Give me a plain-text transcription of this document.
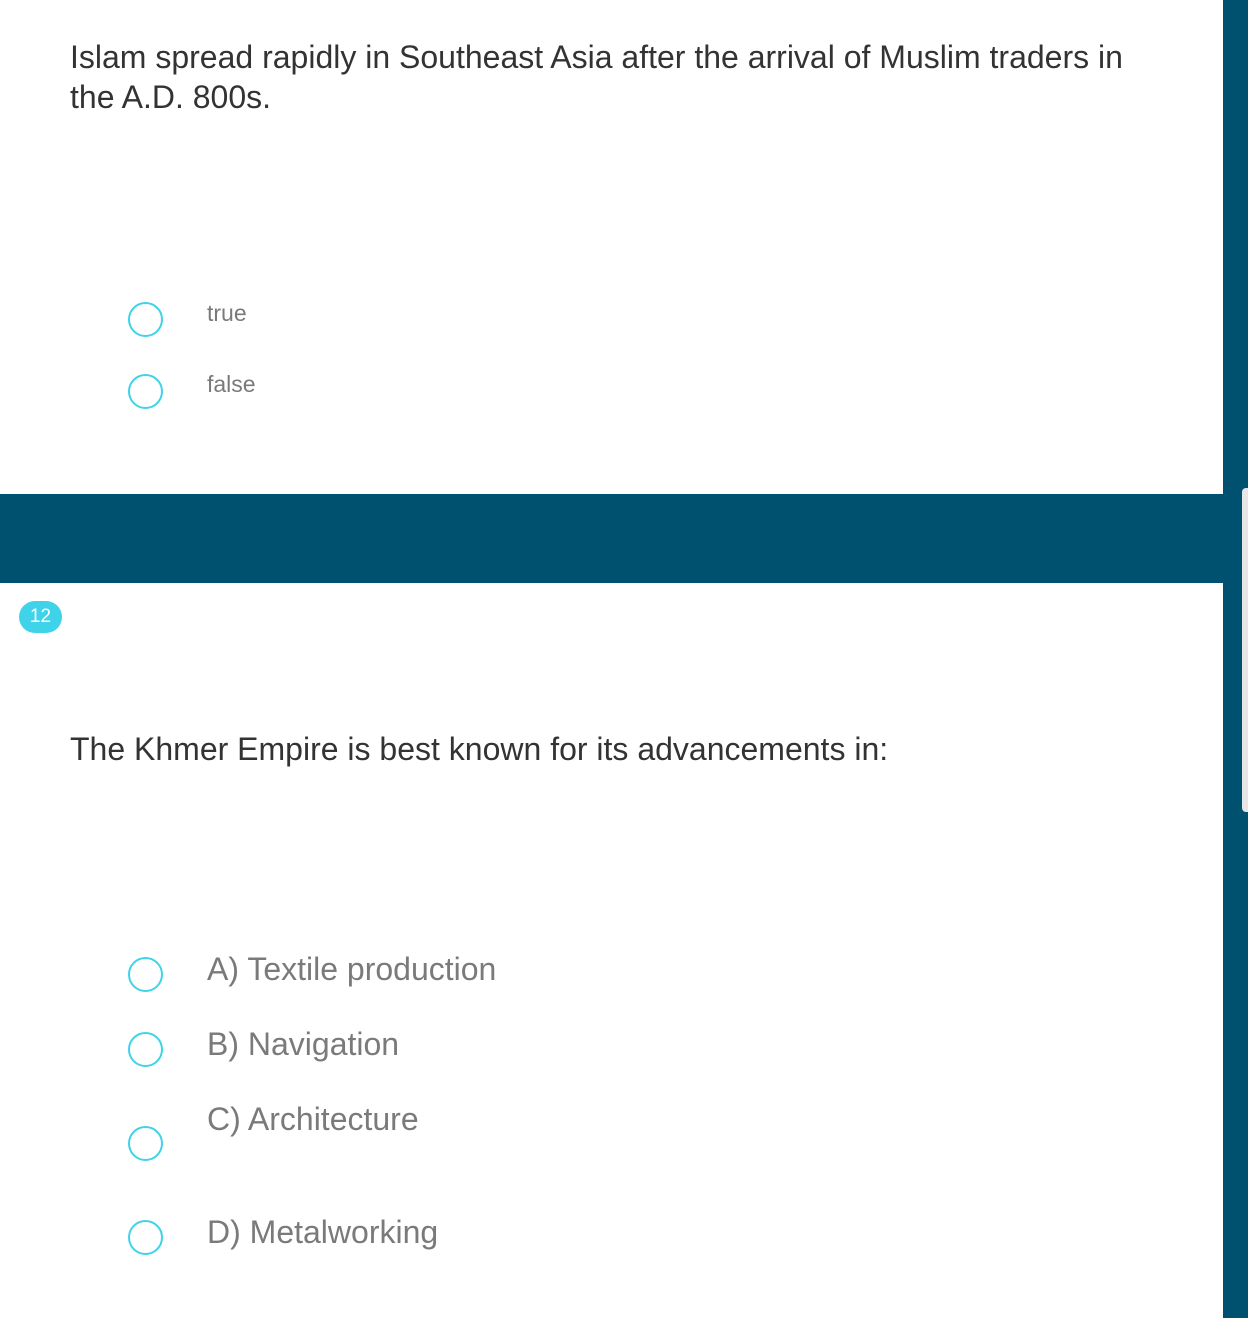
Islam spread rapidly in Southeast Asia after the arrival of Muslim traders in the A.D. 800s.

true
false
12

The Khmer Empire is best known for its advancements in:

A) Textile production
B) Navigation
C) Architecture
D) Metalworking
